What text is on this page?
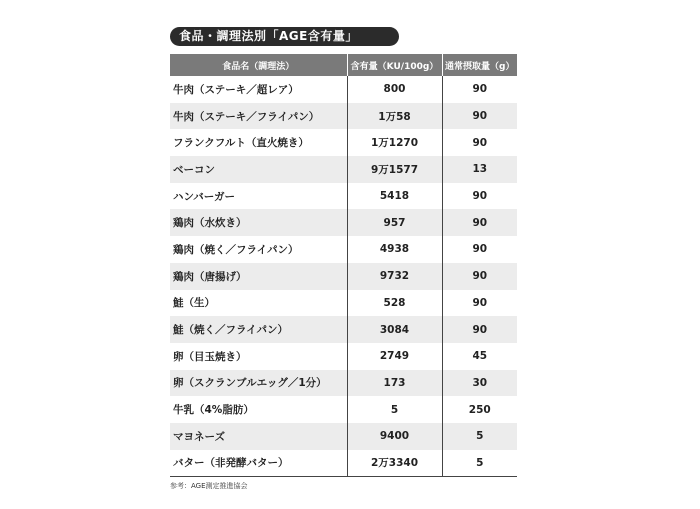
食品・調理法別「AGE含有量」
食品名（調理法）	含有量（KU/100g）	通常摂取量（g）
牛肉（ステーキ／超レア）	800	90
牛肉（ステーキ／フライパン）	1万58	90
フランクフルト（直火焼き）	1万1270	90
ベーコン	9万1577	13
ハンバーガー	5418	90
鶏肉（水炊き）	957	90
鶏肉（焼く／フライパン）	4938	90
鶏肉（唐揚げ）	9732	90
鮭（生）	528	90
鮭（焼く／フライパン）	3084	90
卵（目玉焼き）	2749	45
卵（スクランブルエッグ／1分）	173	30
牛乳（4%脂肪）	5	250
マヨネーズ	9400	5
バター（非発酵バター）	2万3340	5
参考：AGE測定推進協会
